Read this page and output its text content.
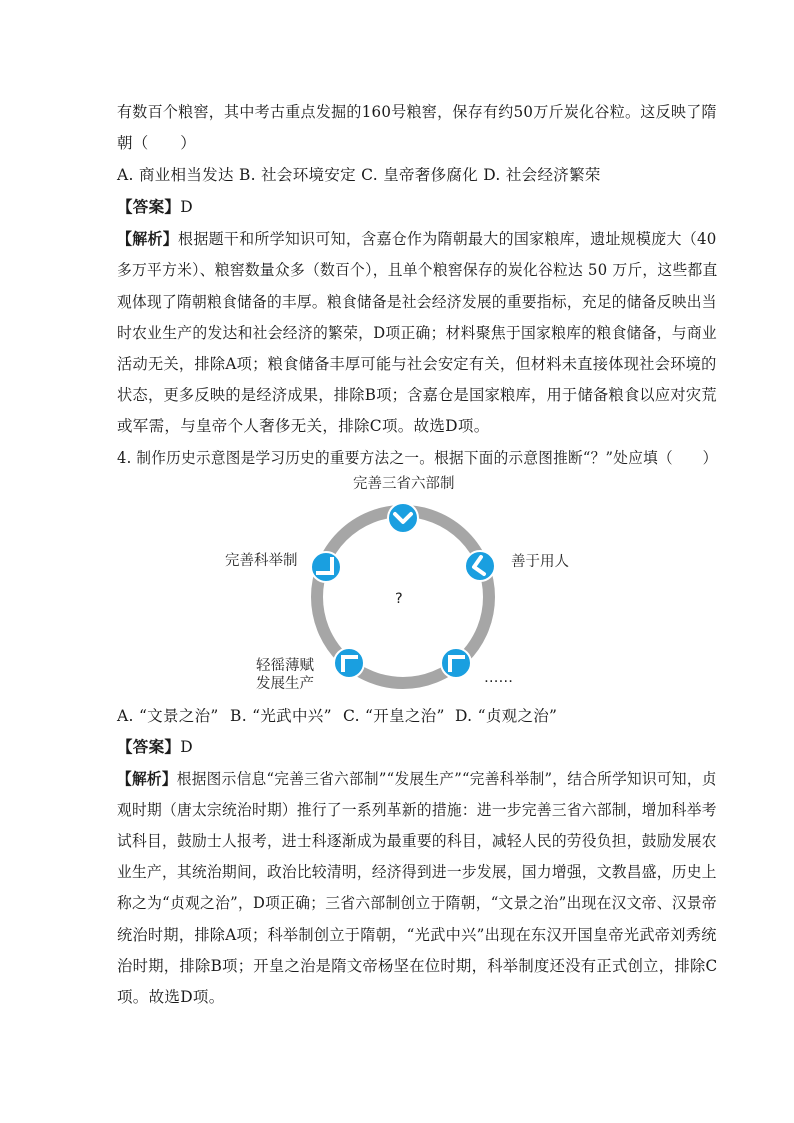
有数百个粮窖，其中考古重点发掘的160号粮窖，保存有约50万斤炭化谷粒。这反映了隋
朝（　　）
A. 商业相当发达 B. 社会环境安定 C. 皇帝奢侈腐化 D. 社会经济繁荣
【答案】D
【解析】根据题干和所学知识可知，含嘉仓作为隋朝最大的国家粮库，遗址规模庞大（40
多万平方米）、粮窖数量众多（数百个），且单个粮窖保存的炭化谷粒达 50 万斤，这些都直
观体现了隋朝粮食储备的丰厚。粮食储备是社会经济发展的重要指标，充足的储备反映出当
时农业生产的发达和社会经济的繁荣，D项正确；材料聚焦于国家粮库的粮食储备，与商业
活动无关，排除A项；粮食储备丰厚可能与社会安定有关，但材料未直接体现社会环境的
状态，更多反映的是经济成果，排除B项；含嘉仓是国家粮库，用于储备粮食以应对灾荒
或军需，与皇帝个人奢侈无关，排除C项。故选D项。
4. 制作历史示意图是学习历史的重要方法之一。根据下面的示意图推断“？”处应填（　　）
完善三省六部制
完善科举制	善于用人
?
轻徭薄赋
发展生产	……
A. “文景之治” B. “光武中兴” C. “开皇之治” D. “贞观之治”
【答案】D
【解析】根据图示信息“完善三省六部制”“发展生产”“完善科举制”，结合所学知识可知，贞
观时期（唐太宗统治时期）推行了一系列革新的措施：进一步完善三省六部制，增加科举考
试科目，鼓励士人报考，进士科逐渐成为最重要的科目，减轻人民的劳役负担，鼓励发展农
业生产，其统治期间，政治比较清明，经济得到进一步发展，国力增强，文教昌盛，历史上
称之为“贞观之治”，D项正确；三省六部制创立于隋朝，“文景之治”出现在汉文帝、汉景帝
统治时期，排除A项；科举制创立于隋朝，“光武中兴”出现在东汉开国皇帝光武帝刘秀统
治时期，排除B项；开皇之治是隋文帝杨坚在位时期，科举制度还没有正式创立，排除C
项。故选D项。
